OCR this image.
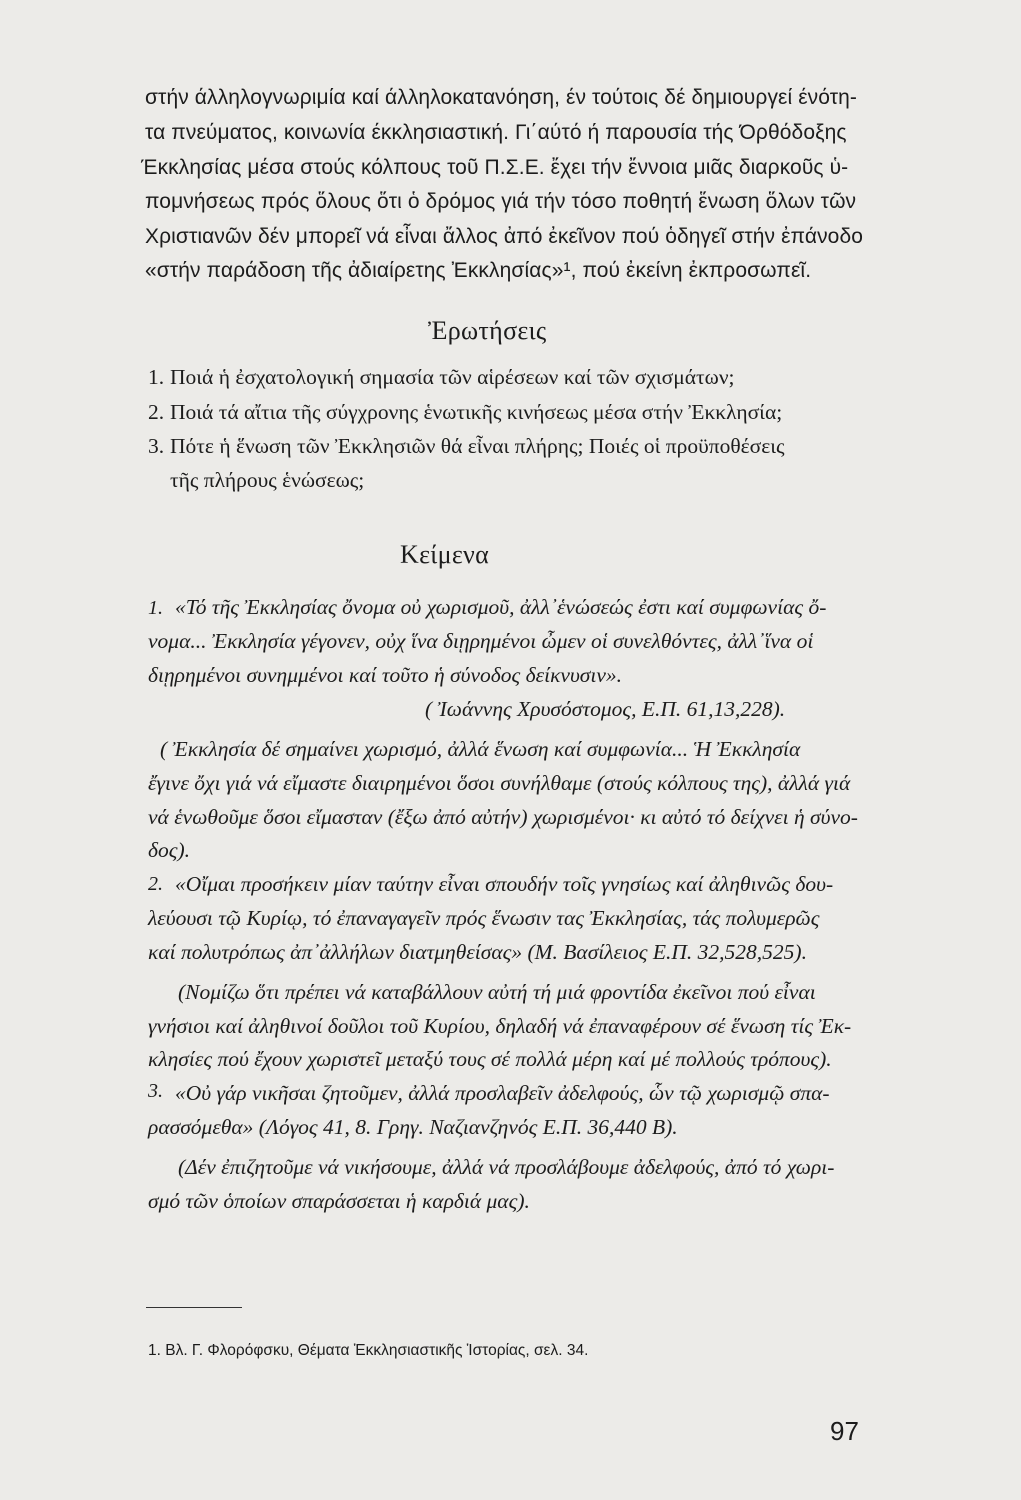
στήν άλληλογνωριμία καί άλληλοκατανόηση, έν τούτοις δέ δημιουργεί ένότη-
τα πνεύματος, κοινωνία έκκλησιαστική. Γι΄αύτό ή παρουσία τής Όρθόδοξης
Έκκλησίας μέσα στούς κόλπους τοῦ Π.Σ.Ε. ἔχει τήν ἔννοια μιᾶς διαρκοῦς ὑ-
πομνήσεως πρός ὅλους ὅτι ὁ δρόμος γιά τήν τόσο ποθητή ἕνωση ὅλων τῶν
Χριστιανῶν δέν μπορεῖ νά εἶναι ἄλλος ἀπό ἐκεῖνον πού ὁδηγεῖ στήν ἐπάνοδο
«στήν παράδοση τῆς ἀδιαίρετης Ἐκκλησίας»¹, πού ἐκείνη ἐκπροσωπεῖ.
Ἐρωτήσεις
1. Ποιά ἡ ἐσχατολογική σημασία τῶν αἱρέσεων καί τῶν σχισμάτων;
2. Ποιά τά αἴτια τῆς σύγχρονης ἑνωτικῆς κινήσεως μέσα στήν Ἐκκλησία;
3. Πότε ἡ ἕνωση τῶν Ἐκκλησιῶν θά εἶναι πλήρης; Ποιές οἱ προϋποθέσεις
τῆς πλήρους ἑνώσεως;
Κείμενα
1. «Τό τῆς Ἐκκλησίας ὄνομα οὐ χωρισμοῦ, ἀλλ᾽ἑνώσεώς ἐστι καί συμφωνίας ὄ-
νομα... Ἐκκλησία γέγονεν, οὐχ ἵνα διῃρημένοι ὦμεν οἱ συνελθόντες, ἀλλ᾽ἵνα οἱ
διῃρημένοι συνημμένοι καί τοῦτο ἡ σύνοδος δείκνυσιν».
( Ἰωάννης Χρυσόστομος, Ε.Π. 61,13,228).
( Ἐκκλησία δέ σημαίνει χωρισμό, ἀλλά ἕνωση καί συμφωνία... Ἡ Ἐκκλησία
ἔγινε ὄχι γιά νά εἴμαστε διαιρημένοι ὅσοι συνήλθαμε (στούς κόλπους της), ἀλλά γιά
νά ἑνωθοῦμε ὅσοι εἴμασταν (ἔξω ἀπό αὐτήν) χωρισμένοι· κι αὐτό τό δείχνει ἡ σύνο-
δος).
2. «Οἴμαι προσήκειν μίαν ταύτην εἶναι σπουδήν τοῖς γνησίως καί ἀληθινῶς δου-
λεύουσι τῷ Κυρίῳ, τό ἐπαναγαγεῖν πρός ἕνωσιν τας Ἐκκλησίας, τάς πολυμερῶς
καί πολυτρόπως ἀπ᾽ἀλλήλων διατμηθείσας» (Μ. Βασίλειος Ε.Π. 32,528,525).
(Νομίζω ὅτι πρέπει νά καταβάλλουν αὐτή τή μιά φροντίδα ἐκεῖνοι πού εἶναι
γνήσιοι καί ἀληθινοί δοῦλοι τοῦ Κυρίου, δηλαδή νά ἐπαναφέρουν σέ ἕνωση τίς Ἐκ-
κλησίες πού ἔχουν χωριστεῖ μεταξύ τους σέ πολλά μέρη καί μέ πολλούς τρόπους).
3. «Οὐ γάρ νικῆσαι ζητοῦμεν, ἀλλά προσλαβεῖν ἀδελφούς, ὧν τῷ χωρισμῷ σπα-
ρασσόμεθα» (Λόγος 41, 8. Γρηγ. Ναζιανζηνός Ε.Π. 36,440 Β).
(Δέν ἐπιζητοῦμε νά νικήσουμε, ἀλλά νά προσλάβουμε ἀδελφούς, ἀπό τό χωρι-
σμό τῶν ὁποίων σπαράσσεται ἡ καρδιά μας).
1. Βλ. Γ. Φλορόφσκυ, Θέματα Ἐκκλησιαστικῆς Ἱστορίας, σελ. 34.
97
